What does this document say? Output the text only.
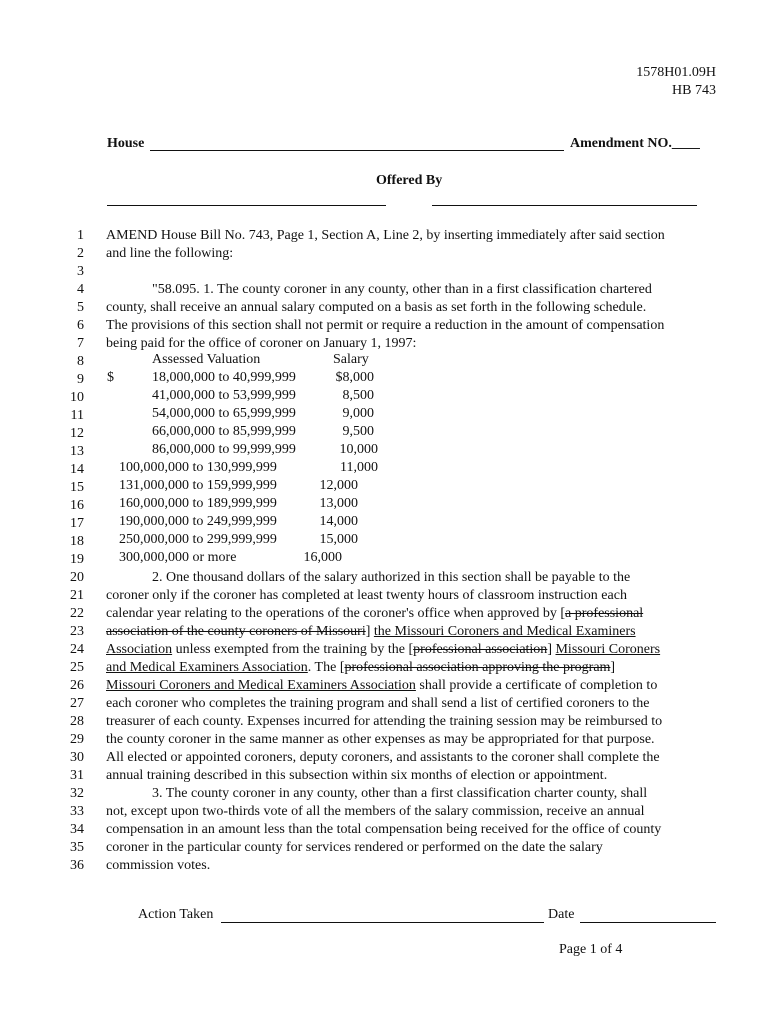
1578H01.09H
HB 743
House	Amendment NO.____
Offered By
1 AMEND House Bill No. 743, Page 1, Section A, Line 2, by inserting immediately after said section
2 and line the following:
3
4	"58.095. 1. The county coroner in any county, other than in a first classification chartered
5 county, shall receive an annual salary computed on a basis as set forth in the following schedule.
6 The provisions of this section shall not permit or require a reduction in the amount of compensation
7 being paid for the office of coroner on January 1, 1997:
8
9
10
11
12
13
14
15
16
17
18
19
20	2. One thousand dollars of the salary authorized in this section shall be payable to the
21 coroner only if the coroner has completed at least twenty hours of classroom instruction each
22 calendar year relating to the operations of the coroner's office when approved by [a professional
23 association of the county coroners of Missouri] the Missouri Coroners and Medical Examiners
24 Association unless exempted from the training by the [professional association] Missouri Coroners
25 and Medical Examiners Association. The [professional association approving the program]
26 Missouri Coroners and Medical Examiners Association shall provide a certificate of completion to
27 each coroner who completes the training program and shall send a list of certified coroners to the
28 treasurer of each county. Expenses incurred for attending the training session may be reimbursed to
29 the county coroner in the same manner as other expenses as may be appropriated for that purpose.
30 All elected or appointed coroners, deputy coroners, and assistants to the coroner shall complete the
31 annual training described in this subsection within six months of election or appointment.
32	3. The county coroner in any county, other than a first classification charter county, shall
33 not, except upon two-thirds vote of all the members of the salary commission, receive an annual
34 compensation in an amount less than the total compensation being received for the office of county
35 coroner in the particular county for services rendered or performed on the date the salary
36 commission votes.
Assessed Valuation	Salary
$	18,000,000 to 40,999,999	$8,000
41,000,000 to 53,999,999	8,500
54,000,000 to 65,999,999	9,000
66,000,000 to 85,999,999	9,500
86,000,000 to 99,999,999	10,000
100,000,000 to 130,999,999	11,000
131,000,000 to 159,999,999	12,000
160,000,000 to 189,999,999	13,000
190,000,000 to 249,999,999	14,000
250,000,000 to 299,999,999	15,000
300,000,000 or more	16,000
Action Taken	Date
Page 1 of 4
